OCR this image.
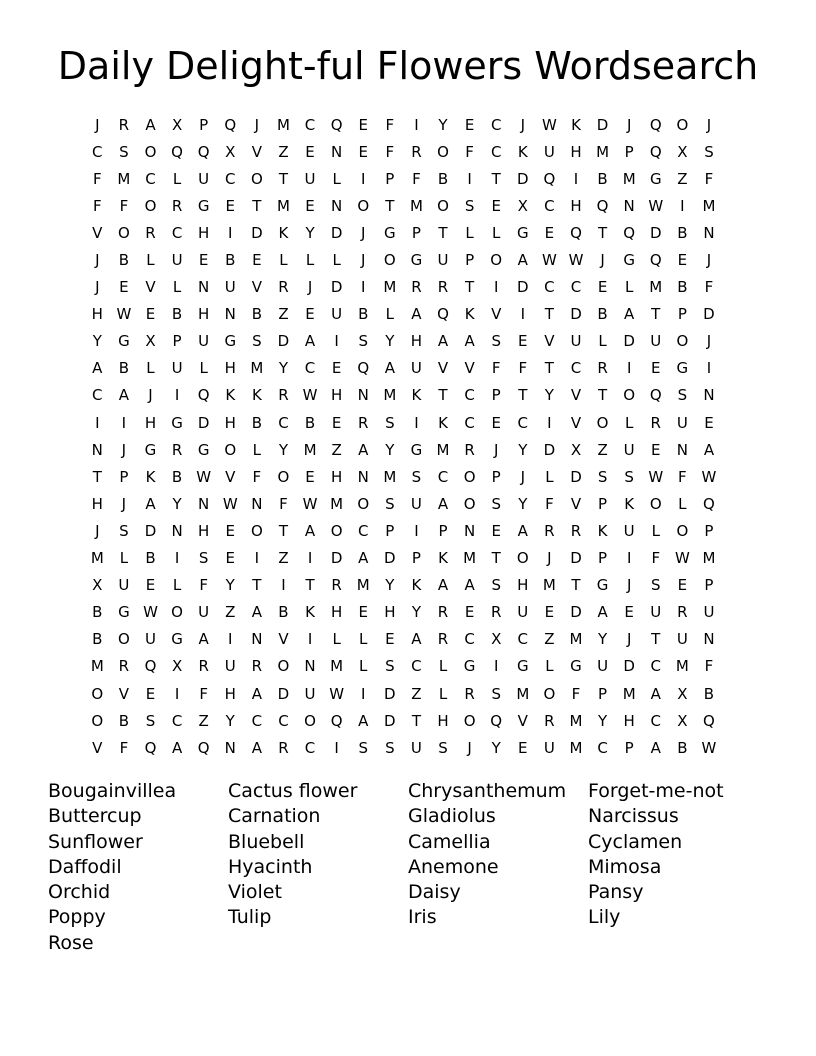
Daily Delight-ful Flowers Wordsearch
J	R	A	X	P	Q	J	M C	Q	E	F	I	Y	E	C	J	W K	D	J	Q O	J
C	S	O Q Q	X	V	Z	E	N	E	F	R	O	F	C	K	U	H M	P	Q	X	S
F	M C	L	U	C	O	T	U	L	I	P	F	B	I	T	D Q	I	B M G	Z	F
F	F	O	R	G	E	T	M	E	N	O	T	M O	S	E	X	C	H	Q	N W	I	M
V	O	R	C	H	I	D	K	Y	D	J	G	P	T	L	L	G	E	Q	T	Q D	B	N
J	B	L	U	E	B	E	L	L	L	J	O G	U	P	O	A W W	J	G Q	E	J
J	E	V	L	N	U	V	R	J	D	I	M R	R	T	I	D	C	C	E	L	M B	F
H W E	B	H	N	B	Z	E	U	B	L	A	Q	K	V	I	T	D	B	A	T	P	D
Y	G	X	P	U	G	S	D	A	I	S	Y	H	A	A	S	E	V	U	L	D	U	O	J
A	B	L	U	L	H M	Y	C	E	Q	A	U	V	V	F	F	T	C	R	I	E	G	I
C	A	J	I	Q	K	K	R W H	N M	K	T	C	P	T	Y	V	T	O Q	S	N
I	I	H	G	D	H	B	C	B	E	R	S	I	K	C	E	C	I	V	O	L	R	U	E
N	J	G	R	G O	L	Y	M Z	A	Y	G M R	J	Y	D	X	Z	U	E	N	A
T	P	K	B W V	F	O	E	H	N M	S	C	O	P	J	L	D	S	S W F W
H	J	A	Y	N W N	F W M O	S	U	A	O	S	Y	F	V	P	K	O	L	Q
J	S	D	N	H	E	O	T	A	O	C	P	I	P	N	E	A	R	R	K	U	L	O	P
M	L	B	I	S	E	I	Z	I	D	A	D	P	K	M	T	O	J	D	P	I	F W M
X	U	E	L	F	Y	T	I	T	R M	Y	K	A	A	S	H M	T	G	J	S	E	P
B	G W O	U	Z	A	B	K	H	E	H	Y	R	E	R	U	E	D	A	E	U	R	U
B	O	U	G	A	I	N	V	I	L	L	E	A	R	C	X	C	Z M	Y	J	T	U	N
M R	Q	X	R	U	R	O	N M	L	S	C	L	G	I	G	L	G	U	D	C M	F
O	V	E	I	F	H	A	D	U W	I	D	Z	L	R	S	M O	F	P	M A	X	B
O	B	S	C	Z	Y	C	C	O Q	A	D	T	H	O Q	V	R M	Y	H	C	X	Q
V	F	Q	A	Q	N	A	R	C	I	S	S	U	S	J	Y	E	U M C	P	A	B W
Bougainvillea	Cactus flower	Chrysanthemum	Forget-me-not
Buttercup	Carnation	Gladiolus	Narcissus
Sunflower	Bluebell	Camellia	Cyclamen
Daffodil	Hyacinth	Anemone	Mimosa
Orchid	Violet	Daisy	Pansy
Poppy	Tulip	Iris	Lily
Rose
